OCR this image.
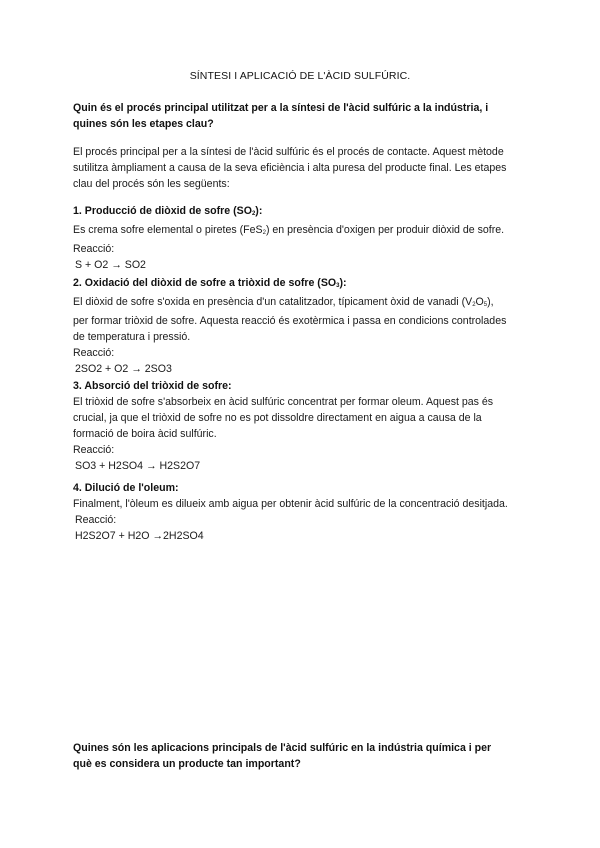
SÍNTESI I APLICACIÓ DE L'ÀCID SULFÚRIC.
Quin és el procés principal utilitzat per a la síntesi de l'àcid sulfúric a la indústria, i
quines són les etapes clau?
El procés principal per a la síntesi de l'àcid sulfúric és el procés de contacte. Aquest mètode
sutilitza àmpliament a causa de la seva eficiència i alta puresa del producte final. Les etapes
clau del procés són les següents:
1. Producció de diòxid de sofre $(SO_2)$:
Es crema sofre elemental o piretes (FeS$_2$) en presència d'oxigen per produir diòxid de sofre.
Reacció:
S + O2 → SO2
2. Oxidació del diòxid de sofre a triòxid de sofre $(SO_3)$:
El diòxid de sofre s'oxida en presència d'un catalitzador, típicament òxid de vanadi $(V_2O_5)$,
per formar triòxid de sofre. Aquesta reacció és exotèrmica i passa en condicions controlades
de temperatura i pressió.
Reacció:
2SO2 + O2 → 2SO3
3. Absorció del triòxid de sofre:
El triòxid de sofre s'absorbeix en àcid sulfúric concentrat per formar oleum. Aquest pas és
crucial, ja que el triòxid de sofre no es pot dissoldre directament en aigua a causa de la
formació de boira àcid sulfúric.
Reacció:
SO3 + H2SO4 → H2S2O7
4. Dilució de l'oleum:
Finalment, l'òleum es dilueix amb aigua per obtenir àcid sulfúric de la concentració desitjada.
Reacció:
H2S2O7 + H2O →2H2SO4
Quines són les aplicacions principals de l'àcid sulfúric en la indústria química i per
què es considera un producte tan important?
